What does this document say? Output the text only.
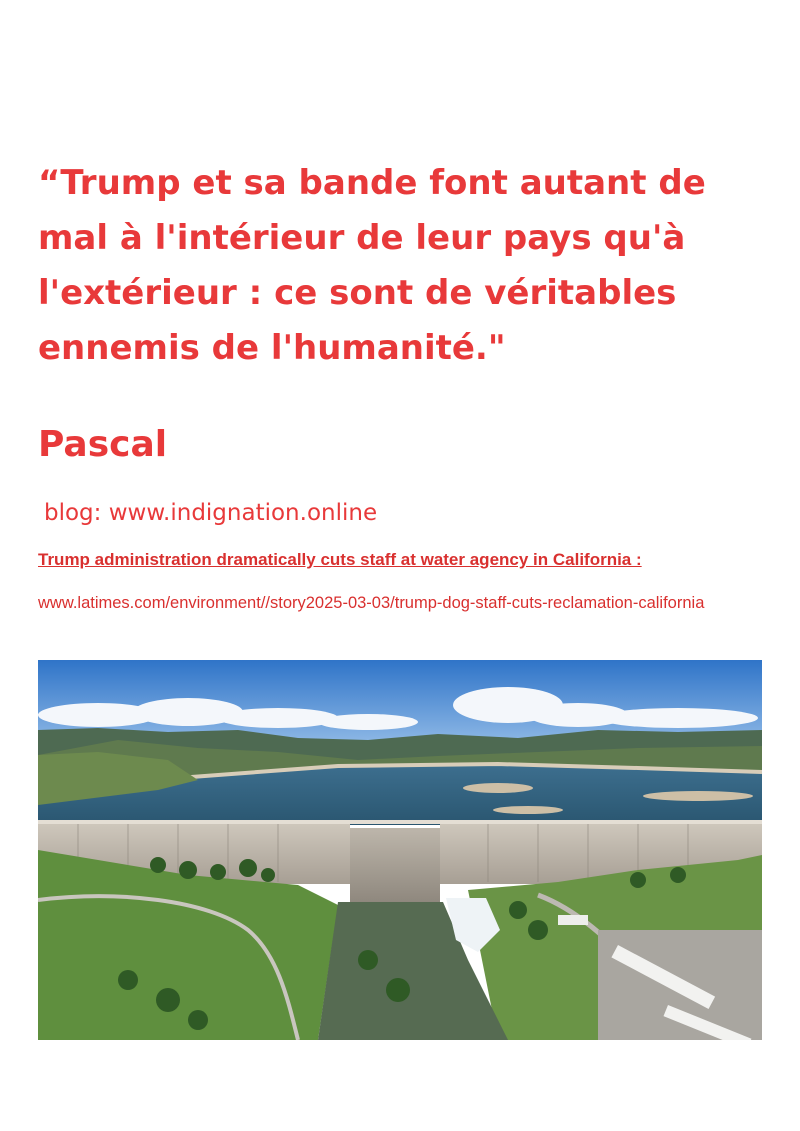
“Trump et sa bande font autant de mal à l'intérieur de leur pays qu'à l'extérieur : ce sont de véritables ennemis de l'humanité."

Pascal

blog: www.indignation.online
Trump administration dramatically cuts staff at water agency in California :
www.latimes.com/environment//story2025-03-03/trump-dog-staff-cuts-reclamation-california
